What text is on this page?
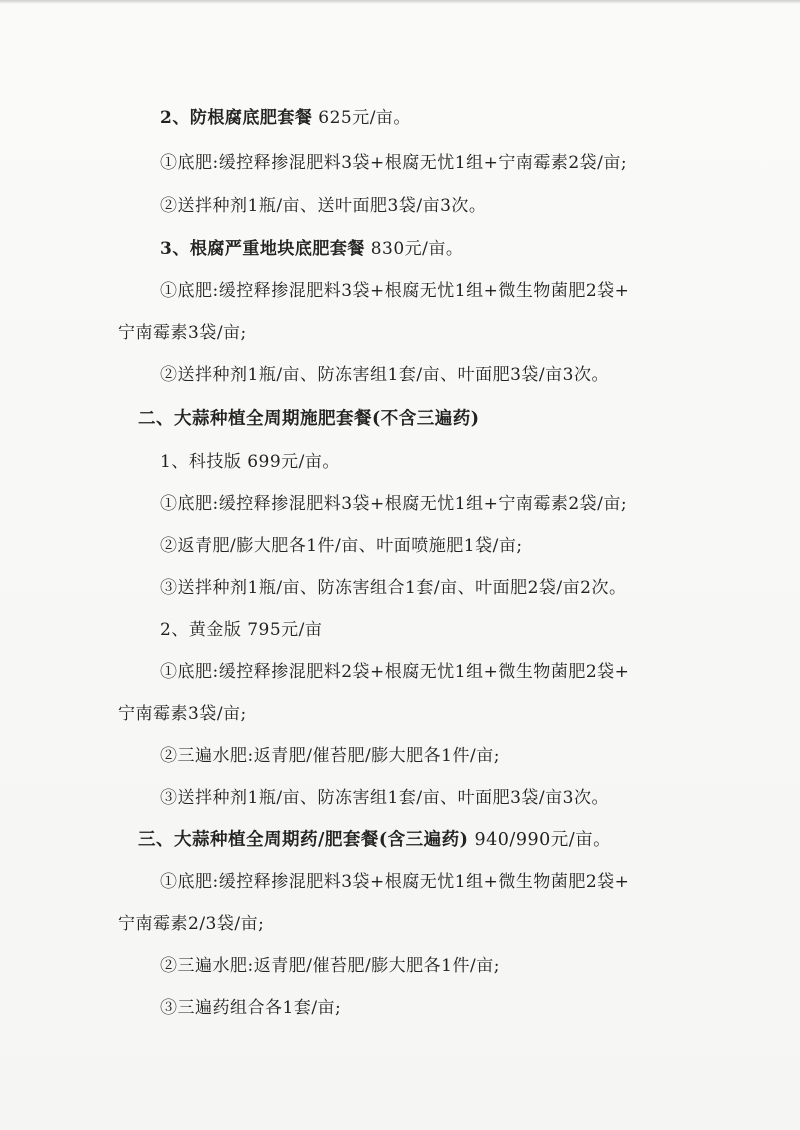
2、防根腐底肥套餐 625元/亩。
①底肥:缓控释掺混肥料3袋+根腐无忧1组+宁南霉素2袋/亩;
②送拌种剂1瓶/亩、送叶面肥3袋/亩3次。
3、根腐严重地块底肥套餐 830元/亩。
①底肥:缓控释掺混肥料3袋+根腐无忧1组+微生物菌肥2袋+
宁南霉素3袋/亩;
②送拌种剂1瓶/亩、防冻害组1套/亩、叶面肥3袋/亩3次。
二、大蒜种植全周期施肥套餐(不含三遍药)
1、科技版 699元/亩。
①底肥:缓控释掺混肥料3袋+根腐无忧1组+宁南霉素2袋/亩;
②返青肥/膨大肥各1件/亩、叶面喷施肥1袋/亩;
③送拌种剂1瓶/亩、防冻害组合1套/亩、叶面肥2袋/亩2次。
2、黄金版 795元/亩
①底肥:缓控释掺混肥料2袋+根腐无忧1组+微生物菌肥2袋+
宁南霉素3袋/亩;
②三遍水肥:返青肥/催苔肥/膨大肥各1件/亩;
③送拌种剂1瓶/亩、防冻害组1套/亩、叶面肥3袋/亩3次。
三、大蒜种植全周期药/肥套餐(含三遍药) 940/990元/亩。
①底肥:缓控释掺混肥料3袋+根腐无忧1组+微生物菌肥2袋+
宁南霉素2/3袋/亩;
②三遍水肥:返青肥/催苔肥/膨大肥各1件/亩;
③三遍药组合各1套/亩;
